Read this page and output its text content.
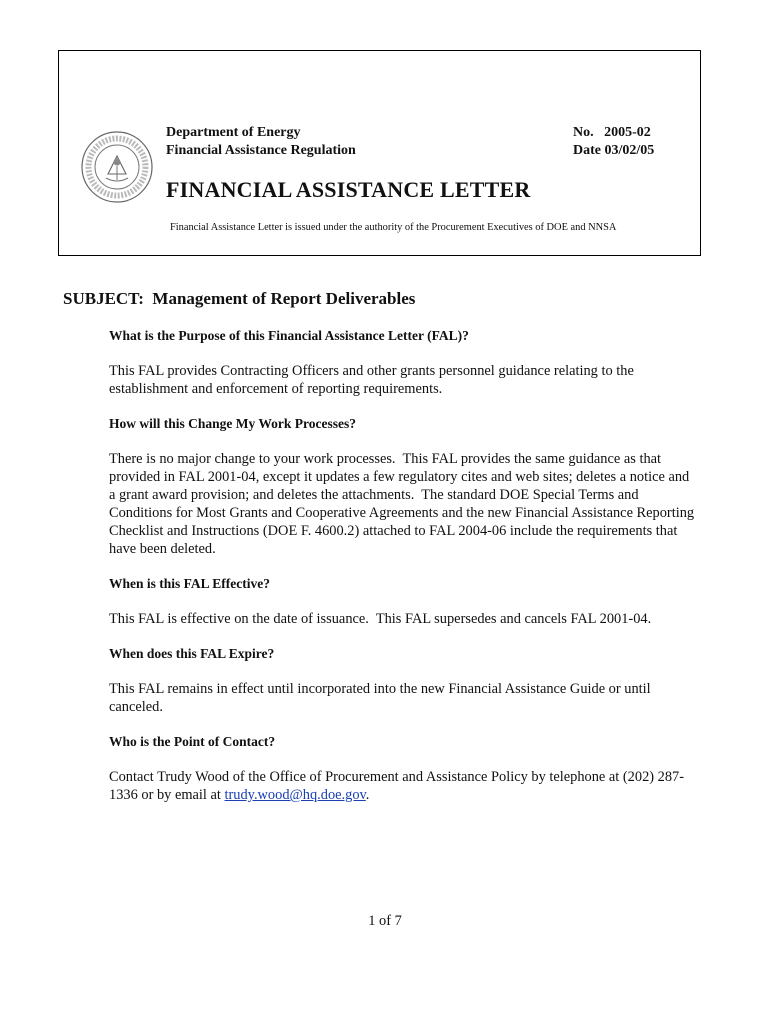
Department of Energy
Financial Assistance Regulation
No.   2005-02
Date 03/02/05
FINANCIAL ASSISTANCE LETTER
Financial Assistance Letter is issued under the authority of the Procurement Executives of DOE and NNSA
SUBJECT:  Management of Report Deliverables
What is the Purpose of this Financial Assistance Letter (FAL)?
This FAL provides Contracting Officers and other grants personnel guidance relating to the establishment and enforcement of reporting requirements.
How will this Change My Work Processes?
There is no major change to your work processes.  This FAL provides the same guidance as that provided in FAL 2001-04, except it updates a few regulatory cites and web sites; deletes a notice and a grant award provision; and deletes the attachments.  The standard DOE Special Terms and Conditions for Most Grants and Cooperative Agreements and the new Financial Assistance Reporting Checklist and Instructions (DOE F. 4600.2) attached to FAL 2004-06 include the requirements that have been deleted.
When is this FAL Effective?
This FAL is effective on the date of issuance.  This FAL supersedes and cancels FAL 2001-04.
When does this FAL Expire?
This FAL remains in effect until incorporated into the new Financial Assistance Guide or until canceled.
Who is the Point of Contact?
Contact Trudy Wood of the Office of Procurement and Assistance Policy by telephone at (202) 287-1336 or by email at trudy.wood@hq.doe.gov.
1 of 7
